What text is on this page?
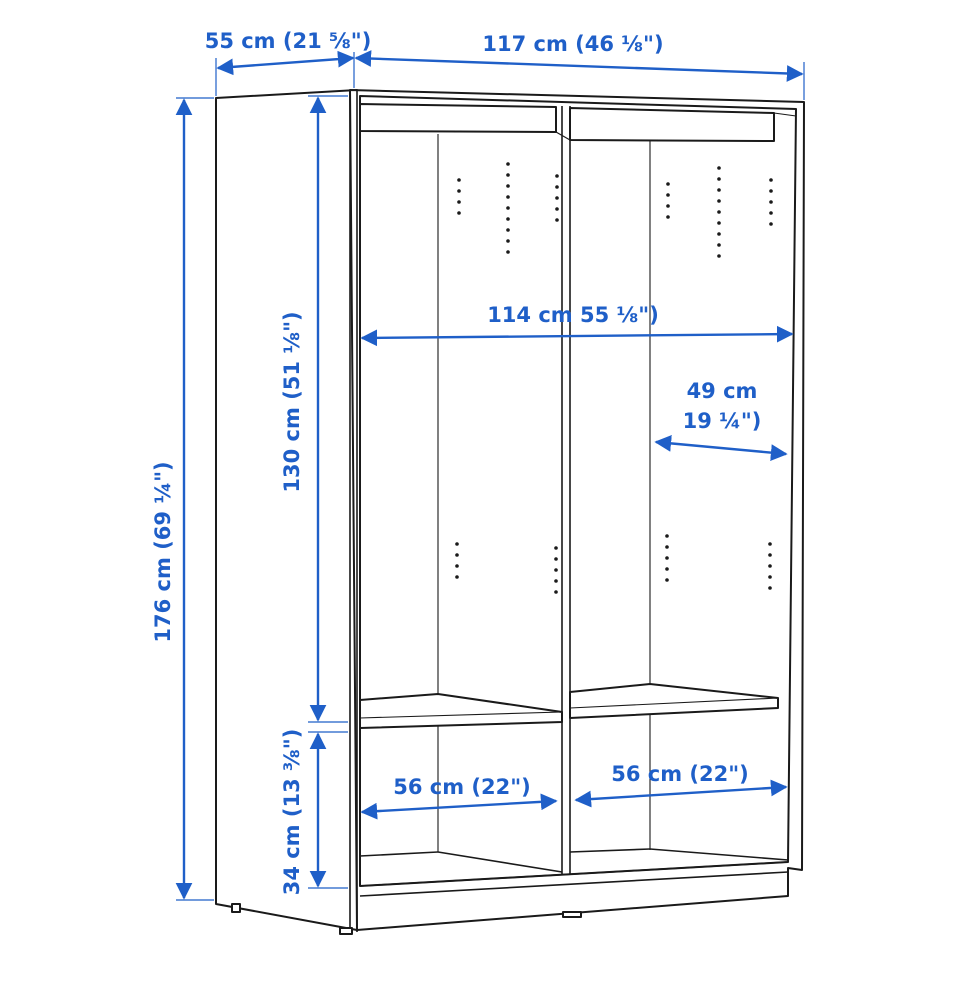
55 cm (21 ⅝")	117 cm (46 ⅛")
176 cm (69 ¼")
130 cm (51 ⅛")
34 cm (13 ⅜")
114 cm 55 ⅛")
49 cm
19 ¼")
56 cm (22")
56 cm (22")
